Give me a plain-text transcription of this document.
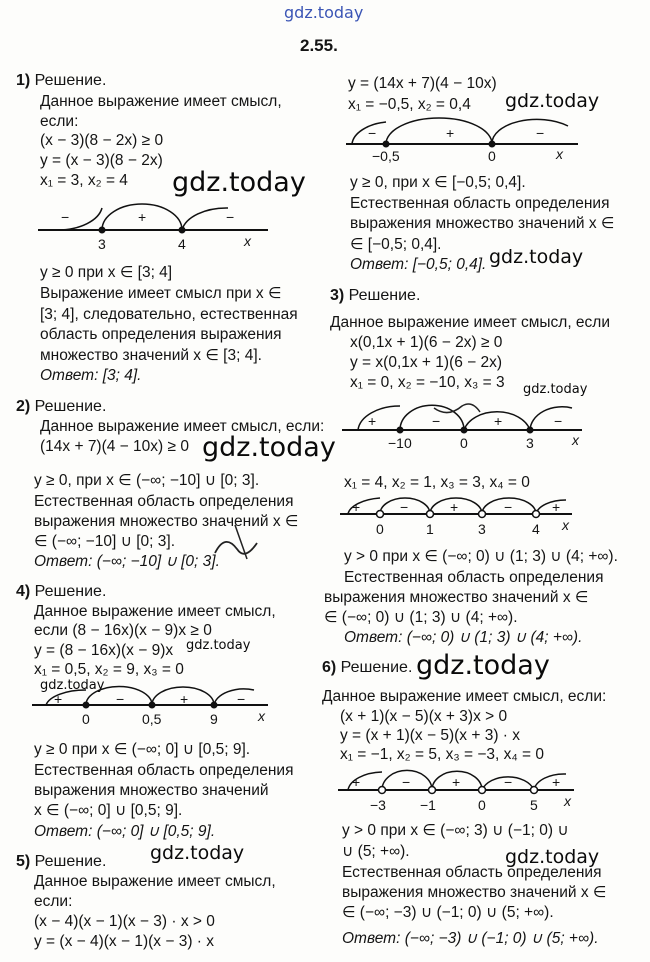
gdz.today
2.55.
1) Решение.
Данное выражение имеет смысл,
если:
(x − 3)(8 − 2x) ≥ 0
y = (x − 3)(8 − 2x)
x₁ = 3, x₂ = 4 gdz.today
−	+	−
3	4	x
y ≥ 0 при x ∈ [3; 4]
Выражение имеет смысл при x ∈
[3; 4], следовательно, естественная
область определения выражения
множество значений x ∈ [3; 4].
Ответ: [3; 4].
2) Решение.
Данное выражение имеет смысл, если:
(14x + 7)(4 − 10x) ≥ 0 gdz.today
y ≥ 0, при x ∈ (−∞; −10] ∪ [0; 3].
Естественная область определения
выражения множество значений x ∈
∈ (−∞; −10] ∪ [0; 3].
Ответ: (−∞; −10] ∪ [0; 3].
4) Решение.
Данное выражение имеет смысл,
если (8 − 16x)(x − 9)x ≥ 0
gdz.today
y = (8 − 16x)(x − 9)x
x₁ = 0,5, x₂ = 9, x₃ = 0
gdz.today
+	−	+	−
0	0,5	9	x
y ≥ 0 при x ∈ (−∞; 0] ∪ [0,5; 9].
Естественная область определения
выражения множество значений
x ∈ (−∞; 0] ∪ [0,5; 9].
Ответ: (−∞; 0] ∪ [0,5; 9].
gdz.today
5) Решение.
Данное выражение имеет смысл,
если:
(x − 4)(x − 1)(x − 3) · x > 0
y = (x − 4)(x − 1)(x − 3) · x
y = (14x + 7)(4 − 10x)
x₁ = −0,5, x₂ = 0,4 gdz.today
−	+	−
−0,5	0	x
y ≥ 0, при x ∈ [−0,5; 0,4].
Естественная область определения
выражения множество значений x ∈
∈ [−0,5; 0,4].
Ответ: [−0,5; 0,4]. gdz.today
3) Решение.
Данное выражение имеет смысл, если
x(0,1x + 1)(6 − 2x) ≥ 0
y = x(0,1x + 1)(6 − 2x)
x₁ = 0, x₂ = −10, x₃ = 3 gdz.today
+	−	+	−
−10	0	3	x
x₁ = 4, x₂ = 1, x₃ = 3, x₄ = 0
+	−	+	−	+
0	1	3	4 x
y > 0 при x ∈ (−∞; 0) ∪ (1; 3) ∪ (4; +∞).
Естественная область определения
выражения множество значений x ∈
∈ (−∞; 0) ∪ (1; 3) ∪ (4; +∞).
Ответ: (−∞; 0) ∪ (1; 3) ∪ (4; +∞).
6) Решение. gdz.today
Данное выражение имеет смысл, если:
(x + 1)(x − 5)(x + 3)x > 0
y = (x + 1)(x − 5)(x + 3) · x
x₁ = −1, x₂ = 5, x₃ = −3, x₄ = 0
+	−	+	−	+
−3 −1	0	5 x
y > 0 при x ∈ (−∞; 3) ∪ (−1; 0) ∪
∪ (5; +∞).	gdz.today
Естественная область определения
выражения множество значений x ∈
∈ (−∞; −3) ∪ (−1; 0) ∪ (5; +∞).
Ответ: (−∞; −3) ∪ (−1; 0) ∪ (5; +∞).
